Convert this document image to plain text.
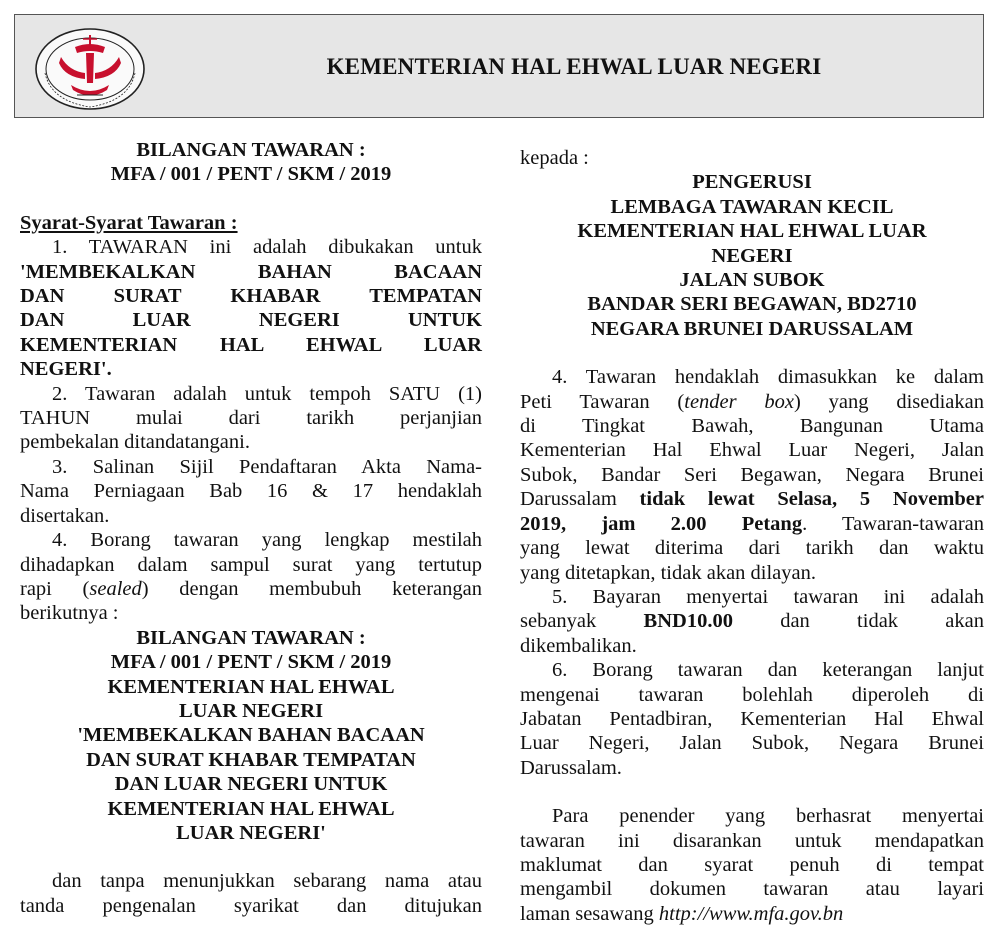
KEMENTERIAN HAL EHWAL LUAR NEGERI
BILANGAN TAWARAN :
MFA / 001 / PENT / SKM / 2019
Syarat-Syarat Tawaran :
1. TAWARAN ini adalah dibukakan untuk
'MEMBEKALKAN BAHAN BACAAN
DAN SURAT KHABAR TEMPATAN
DAN LUAR NEGERI UNTUK
KEMENTERIAN HAL EHWAL LUAR
NEGERI'.
2. Tawaran adalah untuk tempoh SATU (1)
TAHUN mulai dari tarikh perjanjian
pembekalan ditandatangani.
3. Salinan Sijil Pendaftaran Akta Nama-
Nama Perniagaan Bab 16 & 17 hendaklah
disertakan.
4. Borang tawaran yang lengkap mestilah
dihadapkan dalam sampul surat yang tertutup
rapi (sealed) dengan membubuh keterangan
berikutnya :
BILANGAN TAWARAN :
MFA / 001 / PENT / SKM / 2019
KEMENTERIAN HAL EHWAL
LUAR NEGERI
'MEMBEKALKAN BAHAN BACAAN
DAN SURAT KHABAR TEMPATAN
DAN LUAR NEGERI UNTUK
KEMENTERIAN HAL EHWAL
LUAR NEGERI'
dan tanpa menunjukkan sebarang nama atau
tanda pengenalan syarikat dan ditujukan
kepada :
PENGERUSI
LEMBAGA TAWARAN KECIL
KEMENTERIAN HAL EHWAL LUAR
NEGERI
JALAN SUBOK
BANDAR SERI BEGAWAN, BD2710
NEGARA BRUNEI DARUSSALAM
4. Tawaran hendaklah dimasukkan ke dalam
Peti Tawaran (tender box) yang disediakan
di Tingkat Bawah, Bangunan Utama
Kementerian Hal Ehwal Luar Negeri, Jalan
Subok, Bandar Seri Begawan, Negara Brunei
Darussalam tidak lewat Selasa, 5 November
2019, jam 2.00 Petang. Tawaran-tawaran
yang lewat diterima dari tarikh dan waktu
yang ditetapkan, tidak akan dilayan.
5. Bayaran menyertai tawaran ini adalah
sebanyak BND10.00 dan tidak akan
dikembalikan.
6. Borang tawaran dan keterangan lanjut
mengenai tawaran bolehlah diperoleh di
Jabatan Pentadbiran, Kementerian Hal Ehwal
Luar Negeri, Jalan Subok, Negara Brunei
Darussalam.
Para penender yang berhasrat menyertai
tawaran ini disarankan untuk mendapatkan
maklumat dan syarat penuh di tempat
mengambil dokumen tawaran atau layari
laman sesawang http://www.mfa.gov.bn
